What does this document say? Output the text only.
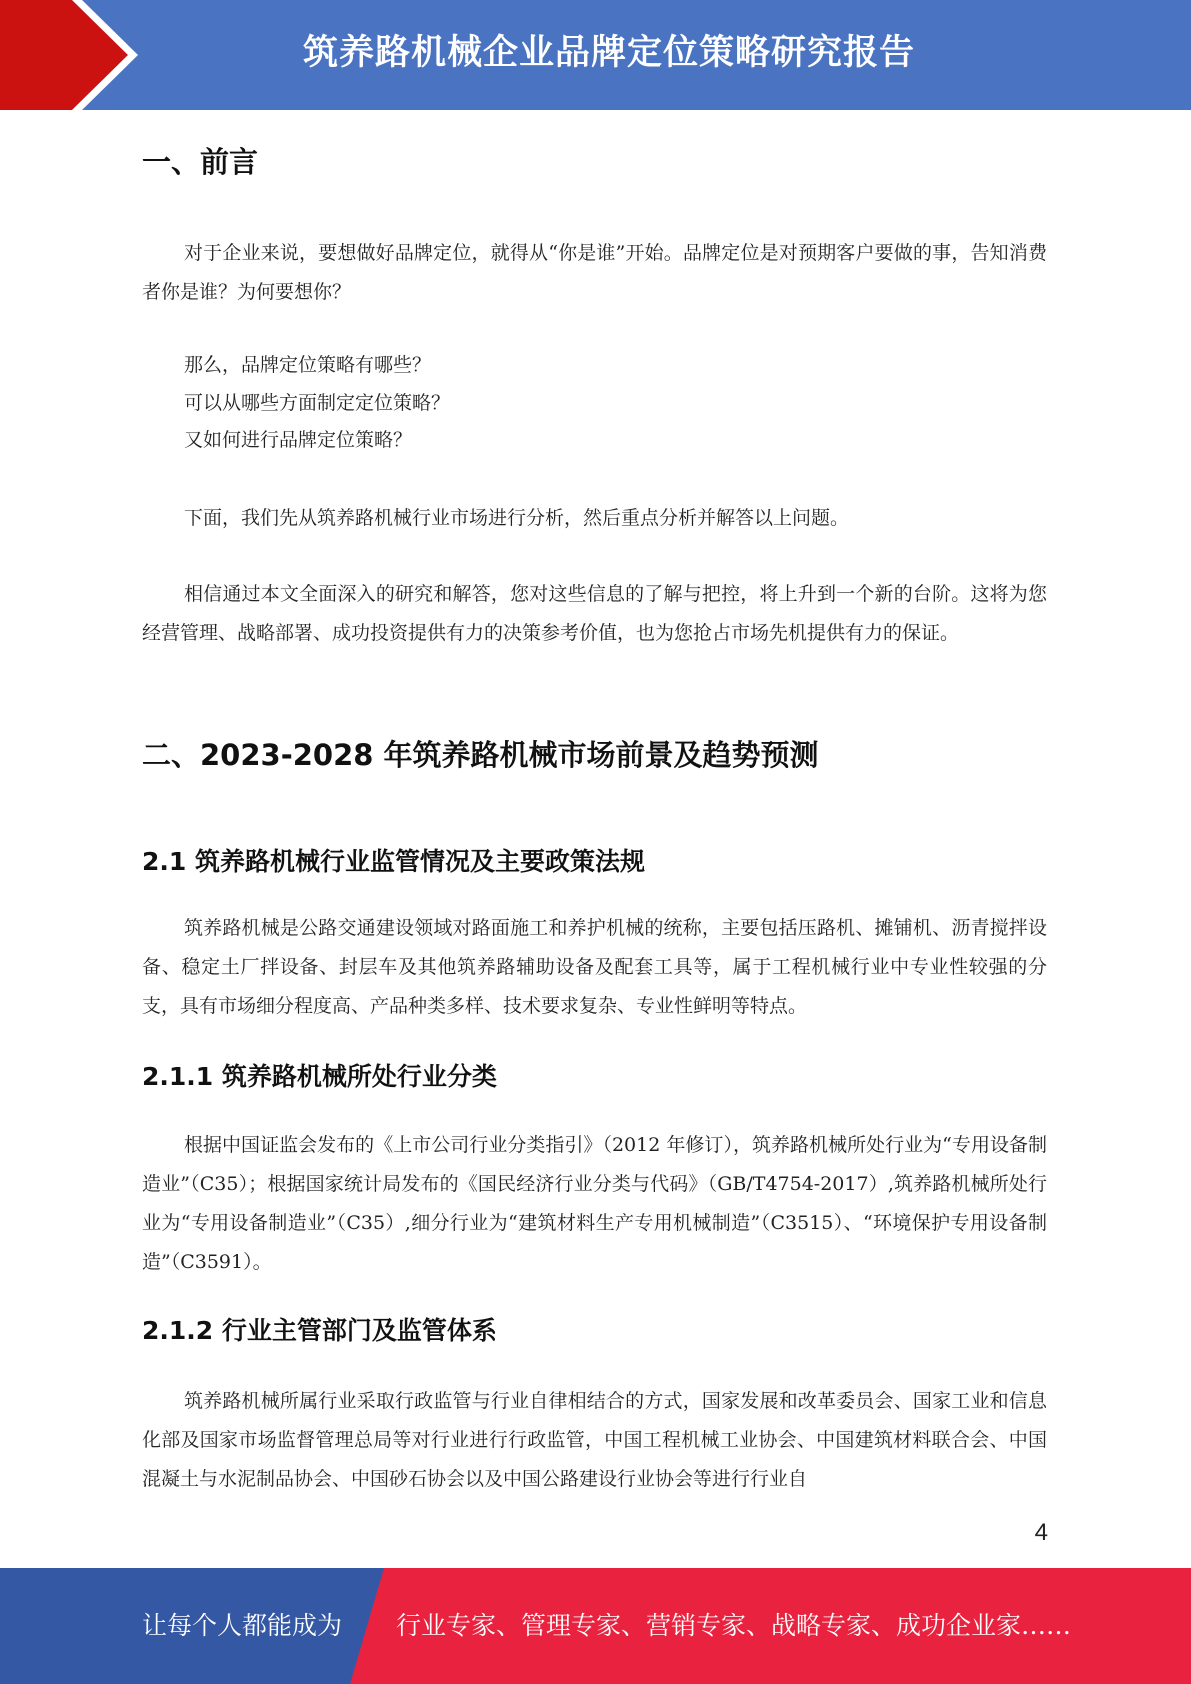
筑养路机械企业品牌定位策略研究报告
一、前言

对于企业来说，要想做好品牌定位，就得从“你是谁”开始。品牌定位是对预期客户要做的事，告知消费者你是谁？为何要想你？

那么，品牌定位策略有哪些？
可以从哪些方面制定定位策略？
又如何进行品牌定位策略？

下面，我们先从筑养路机械行业市场进行分析，然后重点分析并解答以上问题。

相信通过本文全面深入的研究和解答，您对这些信息的了解与把控，将上升到一个新的台阶。这将为您经营管理、战略部署、成功投资提供有力的决策参考价值，也为您抢占市场先机提供有力的保证。

二、2023-2028 年筑养路机械市场前景及趋势预测
2.1 筑养路机械行业监管情况及主要政策法规

筑养路机械是公路交通建设领域对路面施工和养护机械的统称，主要包括压路机、摊铺机、沥青搅拌设备、稳定土厂拌设备、封层车及其他筑养路辅助设备及配套工具等，属于工程机械行业中专业性较强的分支，具有市场细分程度高、产品种类多样、技术要求复杂、专业性鲜明等特点。

2.1.1 筑养路机械所处行业分类

根据中国证监会发布的《上市公司行业分类指引》（2012 年修订），筑养路机械所处行业为“专用设备制造业”（C35）；根据国家统计局发布的《国民经济行业分类与代码》（GB/T4754-2017）,筑养路机械所处行业为“专用设备制造业”（C35）,细分行业为“建筑材料生产专用机械制造”（C3515）、“环境保护专用设备制造”（C3591）。

2.1.2 行业主管部门及监管体系

筑养路机械所属行业采取行政监管与行业自律相结合的方式，国家发展和改革委员会、国家工业和信息化部及国家市场监督管理总局等对行业进行行政监管，中国工程机械工业协会、中国建筑材料联合会、中国混凝土与水泥制品协会、中国砂石协会以及中国公路建设行业协会等进行行业自

4
让每个人都能成为 行业专家、管理专家、营销专家、战略专家、成功企业家……
